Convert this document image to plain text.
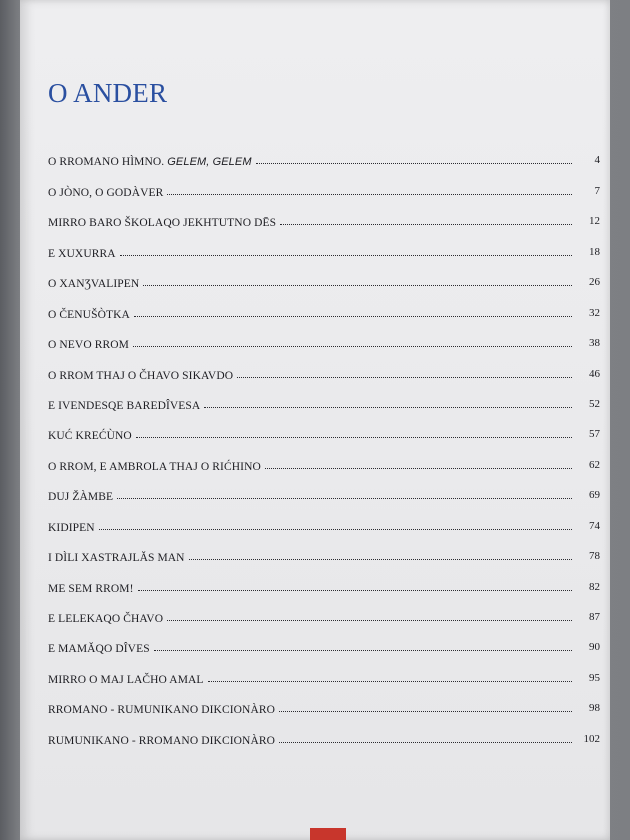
O ANDER
O RROMANO HÌMNO. GELEM, GELEM	4
O JÒNO, O GODÀVER	7
MIRRO BARO ŠKOLAQO JEKHTUTNO DĒS	12
E XUXURRA	18
O XANƷVALIPEN	26
O ČENUŠÒTKA	32
O NEVO RROM	38
O RROM THAJ O ČHAVO SIKAVDO	46
E IVENDESQE BAREDÎVESA	52
KUĆ KREĆÙNO	57
O RROM, E AMBROLA THAJ O RIĆHINO	62
DUJ ŽÀMBE	69
KIDIPEN	74
I DÌLI XASTRAJLĂS MAN	78
ME SEM RROM!	82
E LELEKAQO ČHAVO	87
E MAMĂQO DÎVES	90
MIRRO O MAJ LAČHO AMAL	95
RROMANO - RUMUNIKANO DIKCIONÀRO	98
RUMUNIKANO - RROMANO DIKCIONÀRO	102
